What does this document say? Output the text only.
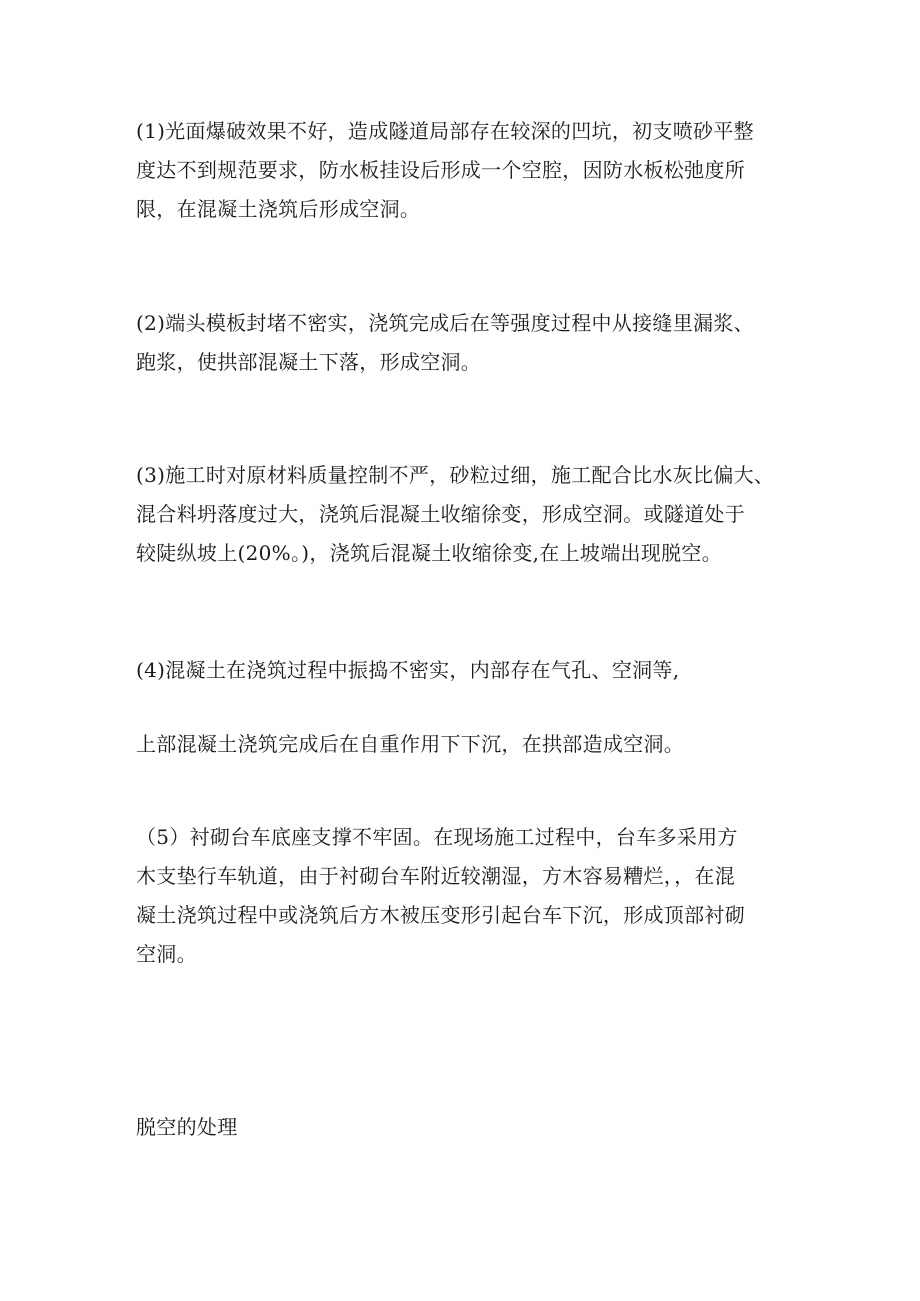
(1)光面爆破效果不好，造成隧道局部存在较深的凹坑，初支喷砂平整
度达不到规范要求，防水板挂设后形成一个空腔，因防水板松弛度所
限，在混凝土浇筑后形成空洞。

(2)端头模板封堵不密实，浇筑完成后在等强度过程中从接缝里漏浆、
跑浆，使拱部混凝土下落，形成空洞。

(3)施工时对原材料质量控制不严，砂粒过细，施工配合比水灰比偏大、
混合料坍落度过大，浇筑后混凝土收缩徐变，形成空洞。或隧道处于
较陡纵坡上(20%。)，浇筑后混凝土收缩徐变,在上坡端出现脱空。

(4)混凝土在浇筑过程中振捣不密实，内部存在气孔、空洞等,

上部混凝土浇筑完成后在自重作用下下沉，在拱部造成空洞。

（5）衬砌台车底座支撑不牢固。在现场施工过程中，台车多采用方
木支垫行车轨道，由于衬砌台车附近较潮湿，方木容易糟烂，，在混
凝土浇筑过程中或浇筑后方木被压变形引起台车下沉，形成顶部衬砌
空洞。

脱空的处理
